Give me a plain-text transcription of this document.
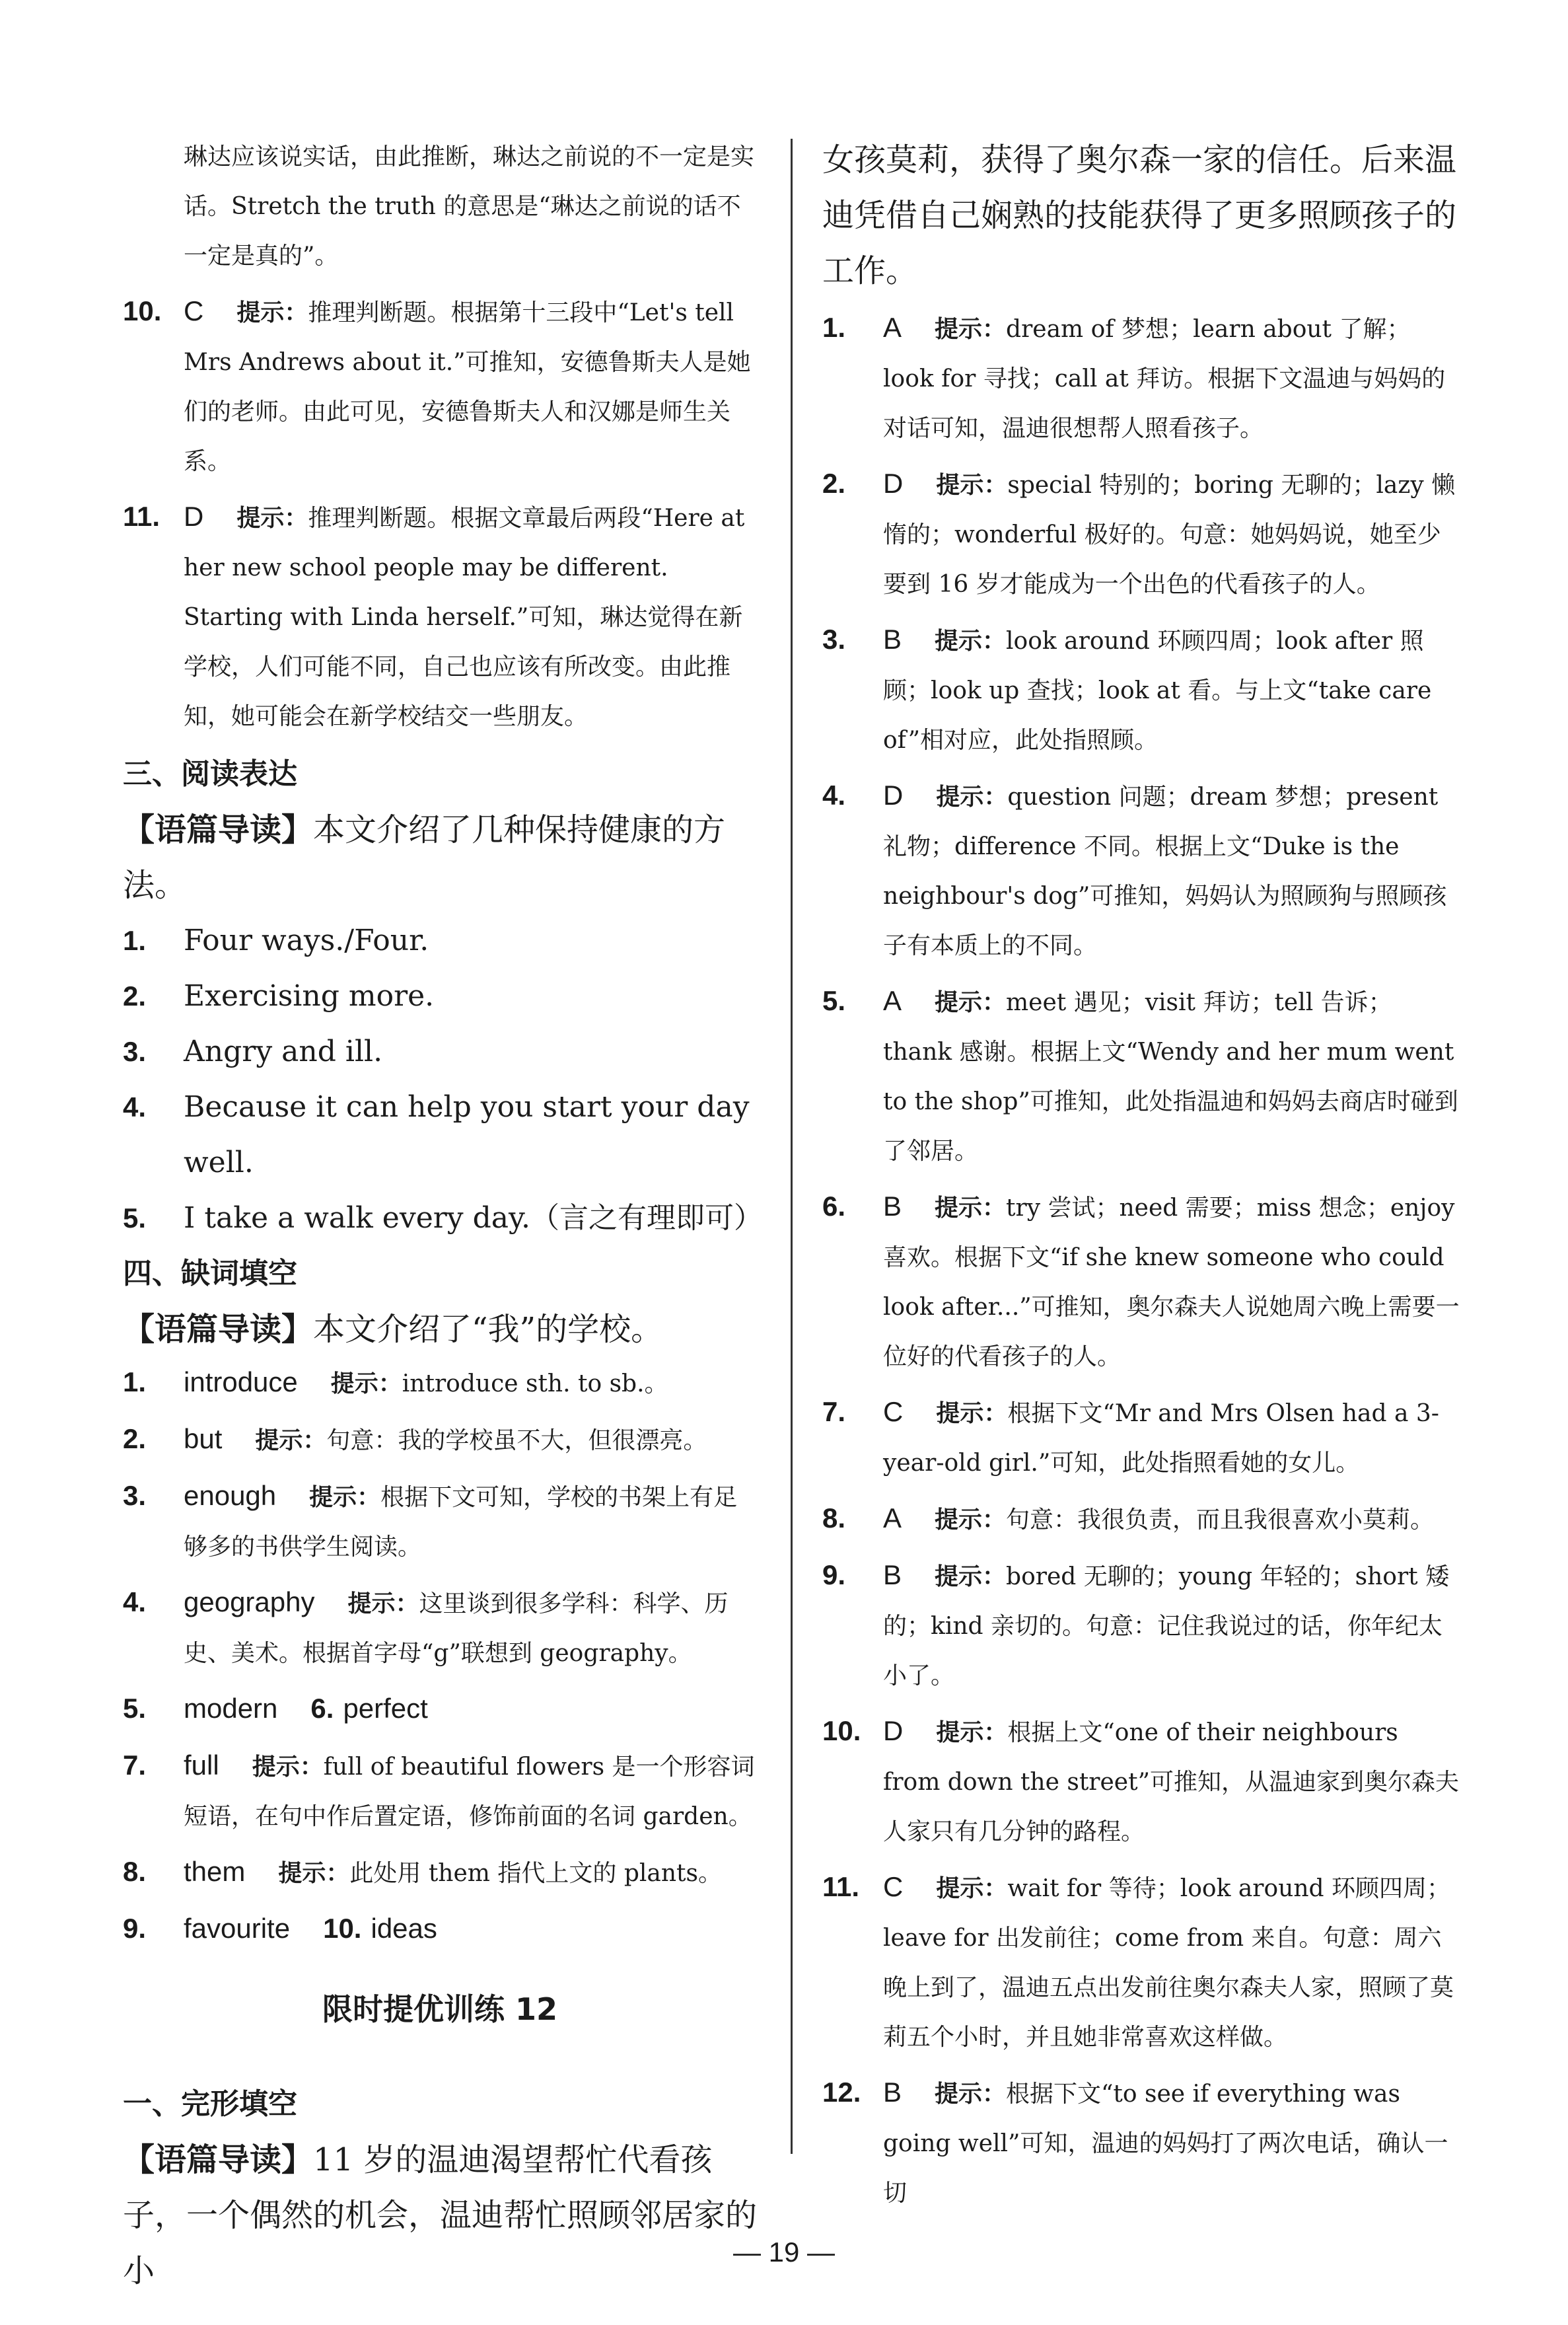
琳达应该说实话，由此推断，琳达之前说的不一定是实话。Stretch the truth 的意思是“琳达之前说的话不一定是真的”。
10. C 提示：推理判断题。根据第十三段中“Let's tell Mrs Andrews about it.”可推知，安德鲁斯夫人是她们的老师。由此可见，安德鲁斯夫人和汉娜是师生关系。
11. D 提示：推理判断题。根据文章最后两段“Here at her new school people may be different. Starting with Linda herself.”可知，琳达觉得在新学校，人们可能不同，自己也应该有所改变。由此推知，她可能会在新学校结交一些朋友。
三、阅读表达
【语篇导读】本文介绍了几种保持健康的方法。
1. Four ways./Four.
2. Exercising more.
3. Angry and ill.
4. Because it can help you start your day well.
5. I take a walk every day.（言之有理即可）
四、缺词填空
【语篇导读】本文介绍了“我”的学校。
1. introduce 提示：introduce sth. to sb.。
2. but 提示：句意：我的学校虽不大，但很漂亮。
3. enough 提示：根据下文可知，学校的书架上有足够多的书供学生阅读。
4. geography 提示：这里谈到很多学科：科学、历史、美术。根据首字母“g”联想到 geography。
5. modern 6. perfect
7. full 提示：full of beautiful flowers 是一个形容词短语，在句中作后置定语，修饰前面的名词 garden。
8. them 提示：此处用 them 指代上文的 plants。
9. favourite 10. ideas
限时提优训练 12
一、完形填空
【语篇导读】11 岁的温迪渴望帮忙代看孩子，一个偶然的机会，温迪帮忙照顾邻居家的小
女孩莫莉，获得了奥尔森一家的信任。后来温迪凭借自己娴熟的技能获得了更多照顾孩子的工作。
1. A 提示：dream of 梦想；learn about 了解；look for 寻找；call at 拜访。根据下文温迪与妈妈的对话可知，温迪很想帮人照看孩子。
2. D 提示：special 特别的；boring 无聊的；lazy 懒惰的；wonderful 极好的。句意：她妈妈说，她至少要到 16 岁才能成为一个出色的代看孩子的人。
3. B 提示：look around 环顾四周；look after 照顾；look up 查找；look at 看。与上文“take care of”相对应，此处指照顾。
4. D 提示：question 问题；dream 梦想；present 礼物；difference 不同。根据上文“Duke is the neighbour's dog”可推知，妈妈认为照顾狗与照顾孩子有本质上的不同。
5. A 提示：meet 遇见；visit 拜访；tell 告诉；thank 感谢。根据上文“Wendy and her mum went to the shop”可推知，此处指温迪和妈妈去商店时碰到了邻居。
6. B 提示：try 尝试；need 需要；miss 想念；enjoy 喜欢。根据下文“if she knew someone who could look after...”可推知，奥尔森夫人说她周六晚上需要一位好的代看孩子的人。
7. C 提示：根据下文“Mr and Mrs Olsen had a 3-year-old girl.”可知，此处指照看她的女儿。
8. A 提示：句意：我很负责，而且我很喜欢小莫莉。
9. B 提示：bored 无聊的；young 年轻的；short 矮的；kind 亲切的。句意：记住我说过的话，你年纪太小了。
10. D 提示：根据上文“one of their neighbours from down the street”可推知，从温迪家到奥尔森夫人家只有几分钟的路程。
11. C 提示：wait for 等待；look around 环顾四周；leave for 出发前往；come from 来自。句意：周六晚上到了，温迪五点出发前往奥尔森夫人家，照顾了莫莉五个小时，并且她非常喜欢这样做。
12. B 提示：根据下文“to see if everything was going well”可知，温迪的妈妈打了两次电话，确认一切
— 19 —
